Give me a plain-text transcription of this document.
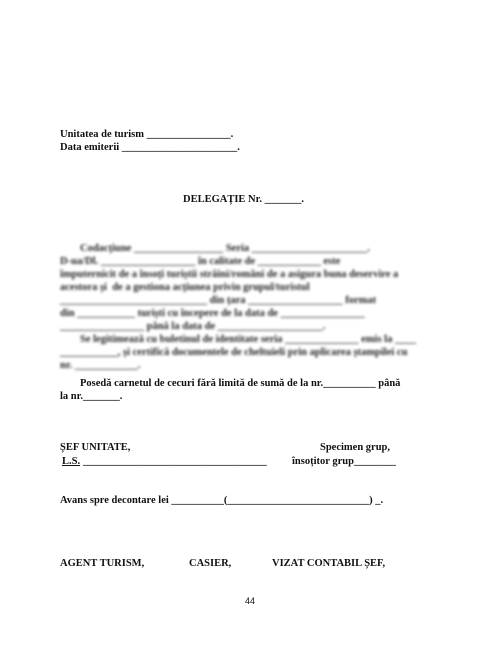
Unitatea de turism ________________.
Data emiterii ______________________.
DELEGAȚIE Nr. _______.
Codacțiune _________________ Seria ______________________.
D-ua/Dl. __________________ în calitate de ____________ este
împuternicit de a însoți turiștii străini/români de a asigura buna deservire a
acestora și  de a gestiona acțiunea privin grupul/turistul
____________________________ din țara __________________ format
din ___________ turiști cu începere de la data de ________________
________________ până la data de ____________________.
Se legitimează cu buletinul de identitate seria ______________ emis la ____
___________, și certifică documentele de cheltuieli prin aplicarea ștampilei cu
nr. ____________.
Posedă carnetul de cecuri fără limită de sumă de la nr.__________ până
la nr._______.
ȘEF UNITATE,	Specimen grup,
L.S. ___________________________________ însoțitor grup________
Avans spre decontare lei __________(___________________________) _.
AGENT TURISM,	CASIER,	VIZAT CONTABIL ȘEF,
44
